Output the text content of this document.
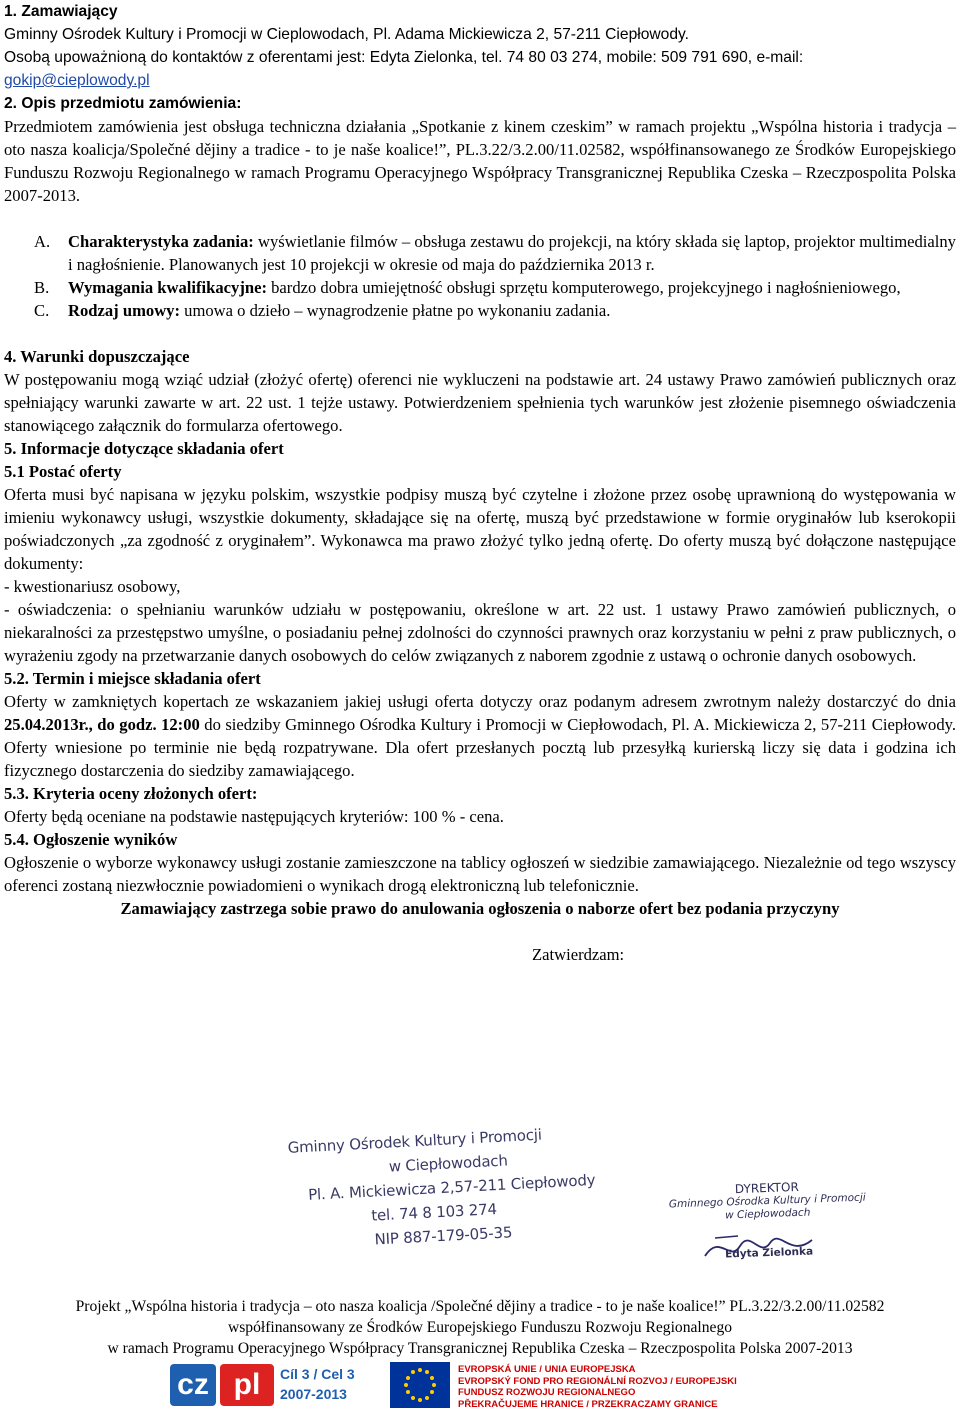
1. Zamawiający

Gminny Ośrodek Kultury i Promocji w Cieplowodach, Pl. Adama Mickiewicza 2, 57-211 Ciepłowody.

Osobą upoważnioną do kontaktów z oferentami jest: Edyta Zielonka, tel. 74 80 03 274, mobile: 509 791 690, e-mail:

gokip@cieplowody.pl

2. Opis przedmiotu zamówienia:

Przedmiotem zamówienia jest obsługa techniczna działania „Spotkanie z kinem czeskim” w ramach projektu „Wspólna historia i tradycja – oto nasza koalicja/Společné dějiny a tradice - to je naše koalice!”, PL.3.22/3.2.00/11.02582, współfinansowanego ze Środków Europejskiego Funduszu Rozwoju Regionalnego w ramach Programu Operacyjnego Współpracy Transgranicznej Republika Czeska – Rzeczpospolita Polska 2007-2013.

A. Charakterystyka zadania: wyświetlanie filmów – obsługa zestawu do projekcji, na który składa się laptop, projektor multimedialny i nagłośnienie. Planowanych jest 10 projekcji w okresie od maja do października 2013 r.
B. Wymagania kwalifikacyjne: bardzo dobra umiejętność obsługi sprzętu komputerowego, projekcyjnego i nagłośnieniowego,
C. Rodzaj umowy: umowa o dzieło – wynagrodzenie płatne po wykonaniu zadania.

4. Warunki dopuszczające

W postępowaniu mogą wziąć udział (złożyć ofertę) oferenci nie wykluczeni na podstawie art. 24 ustawy Prawo zamówień publicznych oraz spełniający warunki zawarte w art. 22 ust. 1 tejże ustawy. Potwierdzeniem spełnienia tych warunków jest złożenie pisemnego oświadczenia stanowiącego załącznik do formularza ofertowego.

5. Informacje dotyczące składania ofert

5.1 Postać oferty

Oferta musi być napisana w języku polskim, wszystkie podpisy muszą być czytelne i złożone przez osobę uprawnioną do występowania w imieniu wykonawcy usługi, wszystkie dokumenty, składające się na ofertę, muszą być przedstawione w formie oryginałów lub kserokopii poświadczonych „za zgodność z oryginałem”. Wykonawca ma prawo złożyć tylko jedną ofertę. Do oferty muszą być dołączone następujące dokumenty:

- kwestionariusz osobowy,

- oświadczenia: o spełnianiu warunków udziału w postępowaniu, określone w art. 22 ust. 1 ustawy Prawo zamówień publicznych, o niekaralności za przestępstwo umyślne, o posiadaniu pełnej zdolności do czynności prawnych oraz korzystaniu w pełni z praw publicznych, o wyrażeniu zgody na przetwarzanie danych osobowych do celów związanych z naborem zgodnie z ustawą o ochronie danych osobowych.

5.2. Termin i miejsce składania ofert

Oferty w zamkniętych kopertach ze wskazaniem jakiej usługi oferta dotyczy oraz podanym adresem zwrotnym należy dostarczyć do dnia 25.04.2013r., do godz. 12:00 do siedziby Gminnego Ośrodka Kultury i Promocji w Ciepłowodach, Pl. A. Mickiewicza 2, 57-211 Ciepłowody. Oferty wniesione po terminie nie będą rozpatrywane. Dla ofert przesłanych pocztą lub przesyłką kurierską liczy się data i godzina ich fizycznego dostarczenia do siedziby zamawiającego.

5.3. Kryteria oceny złożonych ofert:

Oferty będą oceniane na podstawie następujących kryteriów: 100 % - cena.

5.4. Ogłoszenie wyników

Ogłoszenie o wyborze wykonawcy usługi zostanie zamieszczone na tablicy ogłoszeń w siedzibie zamawiającego. Niezależnie od tego wszyscy oferenci zostaną niezwłocznie powiadomieni o wynikach drogą elektroniczną lub telefonicznie.

Zamawiający zastrzega sobie prawo do anulowania ogłoszenia o naborze ofert bez podania przyczyny

Zatwierdzam:

Gminny Ośrodek Kultury i Promocji
w Ciepłowodach
Pl. A. Mickiewicza 2,57-211 Ciepłowody
tel. 74 8 103 274
NIP 887-179-05-35
DYREKTOR
Gminnego Ośrodka Kultury i Promocji
w Ciepłowodach
Edyta Zielonka
Projekt „Wspólna historia i tradycja – oto nasza koalicja /Společné dějiny a tradice - to je naše koalice!” PL.3.22/3.2.00/11.02582
współfinansowany ze Środków Europejskiego Funduszu Rozwoju Regionalnego
w ramach Programu Operacyjnego Współpracy Transgranicznej Republika Czeska – Rzeczpospolita Polska 2007-2013
cz pl	Cíl 3 / Cel 3
2007-2013
EVROPSKÁ UNIE / UNIA EUROPEJSKA
EVROPSKÝ FOND PRO REGIONÁLNÍ ROZVOJ / EUROPEJSKI FUNDUSZ ROZWOJU REGIONALNEGO
PŘEKRAČUJEME HRANICE / PRZEKRACZAMY GRANICE
